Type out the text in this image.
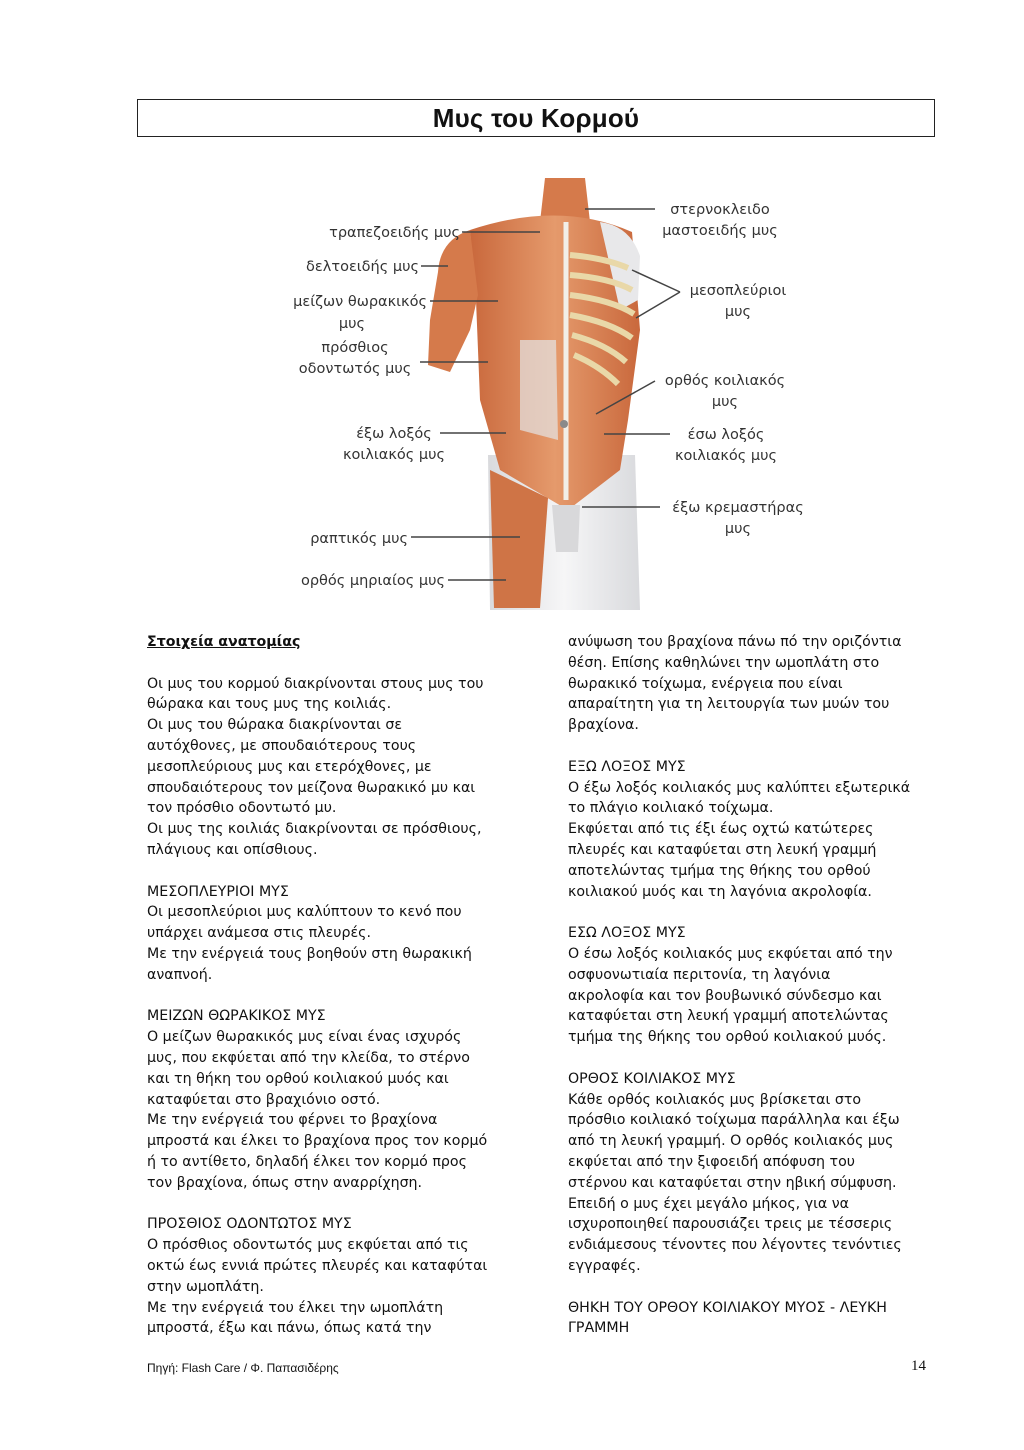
Μυς του Κορμού
τραπεζοειδής μυς
δελτοειδής μυς
μείζων θωρακικός
μυς
πρόσθιος
οδοντωτός μυς
έξω λοξός
κοιλιακός μυς
ραπτικός μυς
ορθός μηριαίος μυς
στερνοκλειδο
μαστοειδής μυς
μεσοπλεύριοι
μυς
ορθός κοιλιακός
μυς
έσω λοξός
κοιλιακός μυς
έξω κρεμαστήρας
μυς
Στοιχεία ανατομίας

Οι μυς του κορμού διακρίνονται στους μυς του
θώρακα και τους μυς της κοιλιάς.
Οι μυς του θώρακα διακρίνονται σε
αυτόχθονες, με σπουδαιότερους τους
μεσοπλεύριους μυς και ετερόχθονες, με
σπουδαιότερους τον μείζονα θωρακικό μυ και
τον πρόσθιο οδοντωτό μυ.
Οι μυς της κοιλιάς διακρίνονται σε πρόσθιους,
πλάγιους και οπίσθιους.

ΜΕΣΟΠΛΕΥΡΙΟΙ ΜΥΣ
Οι μεσοπλεύριοι μυς καλύπτουν το κενό που
υπάρχει ανάμεσα στις πλευρές.
Με την ενέργειά τους βοηθούν στη θωρακική
αναπνοή.

ΜΕΙΖΩΝ ΘΩΡΑΚΙΚΟΣ ΜΥΣ
Ο μείζων θωρακικός μυς είναι ένας ισχυρός
μυς, που εκφύεται από την κλείδα, το στέρνο
και τη θήκη του ορθού κοιλιακού μυός και
καταφύεται στο βραχιόνιο οστό.
Με την ενέργειά του φέρνει το βραχίονα
μπροστά και έλκει το βραχίονα προς τον κορμό
ή το αντίθετο, δηλαδή έλκει τον κορμό προς
τον βραχίονα, όπως στην αναρρίχηση.

ΠΡΟΣΘΙΟΣ ΟΔΟΝΤΩΤΟΣ ΜΥΣ
Ο πρόσθιος οδοντωτός μυς εκφύεται από τις
οκτώ έως εννιά πρώτες πλευρές και καταφύται
στην ωμοπλάτη.
Με την ενέργειά του έλκει την ωμοπλάτη
μπροστά, έξω και πάνω, όπως κατά την

ανύψωση του βραχίονα πάνω πό την οριζόντια
θέση. Επίσης καθηλώνει την ωμοπλάτη στο
θωρακικό τοίχωμα, ενέργεια που είναι
απαραίτητη για τη λειτουργία των μυών του
βραχίονα.

ΕΞΩ ΛΟΞΟΣ ΜΥΣ
Ο έξω λοξός κοιλιακός μυς καλύπτει εξωτερικά
το πλάγιο κοιλιακό τοίχωμα.
Εκφύεται από τις έξι έως οχτώ κατώτερες
πλευρές και καταφύεται στη λευκή γραμμή
αποτελώντας τμήμα της θήκης του ορθού
κοιλιακού μυός και τη λαγόνια ακρολοφία.

ΕΣΩ ΛΟΞΟΣ ΜΥΣ
Ο έσω λοξός κοιλιακός μυς εκφύεται από την
οσφυονωτιαία περιτονία, τη λαγόνια
ακρολοφία και τον βουβωνικό σύνδεσμο και
καταφύεται στη λευκή γραμμή αποτελώντας
τμήμα της θήκης του ορθού κοιλιακού μυός.

ΟΡΘΟΣ ΚΟΙΛΙΑΚΟΣ ΜΥΣ
Κάθε ορθός κοιλιακός μυς βρίσκεται στο
πρόσθιο κοιλιακό τοίχωμα παράλληλα και έξω
από τη λευκή γραμμή. Ο ορθός κοιλιακός μυς
εκφύεται από την ξιφοειδή απόφυση του
στέρνου και καταφύεται στην ηβική σύμφυση.
Επειδή ο μυς έχει μεγάλο μήκος, για να
ισχυροποιηθεί παρουσιάζει τρεις με τέσσερις
ενδιάμεσους τένοντες που λέγοντες τενόντιες
εγγραφές.

ΘΗΚΗ ΤΟΥ ΟΡΘΟΥ ΚΟΙΛΙΑΚΟΥ ΜΥΟΣ - ΛΕΥΚΗ
ΓΡΑΜΜΗ

Πηγή: Flash Care / Φ. Παπασιδέρης	14
